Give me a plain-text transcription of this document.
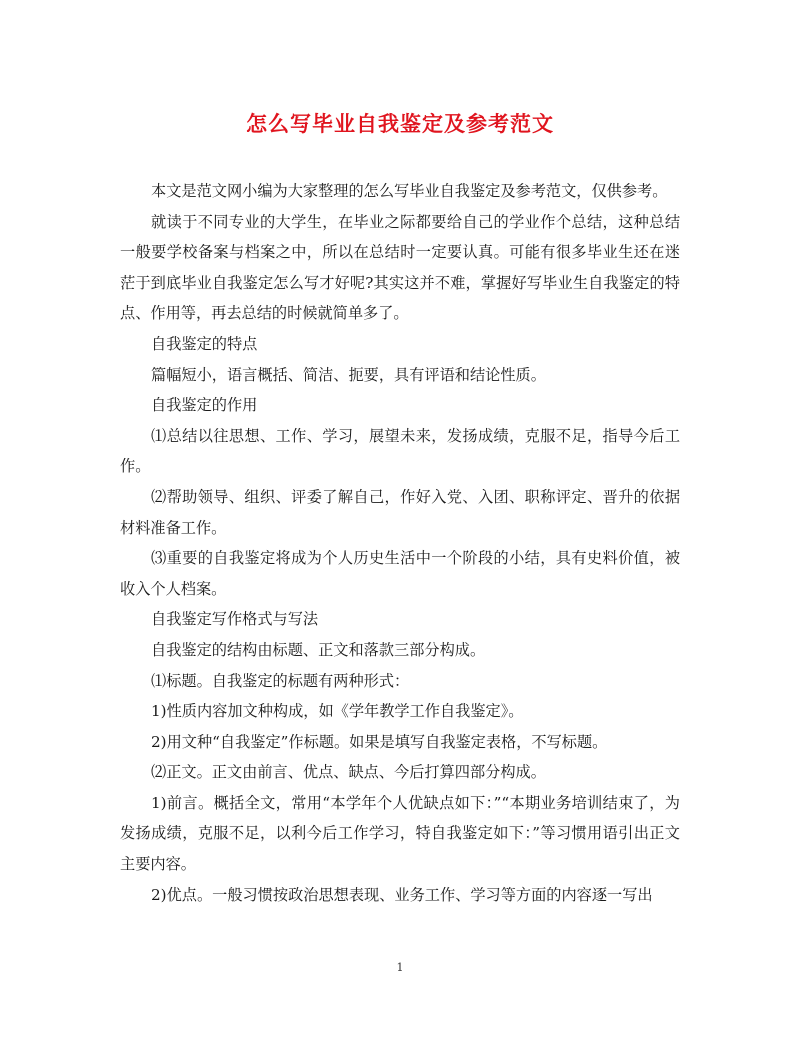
怎么写毕业自我鉴定及参考范文

本文是范文网小编为大家整理的怎么写毕业自我鉴定及参考范文，仅供参考。

就读于不同专业的大学生，在毕业之际都要给自己的学业作个总结，这种总结一般要学校备案与档案之中，所以在总结时一定要认真。可能有很多毕业生还在迷茫于到底毕业自我鉴定怎么写才好呢?其实这并不难，掌握好写毕业生自我鉴定的特点、作用等，再去总结的时候就简单多了。

自我鉴定的特点

篇幅短小，语言概括、简洁、扼要，具有评语和结论性质。

自我鉴定的作用

⑴总结以往思想、工作、学习，展望未来，发扬成绩，克服不足，指导今后工作。

⑵帮助领导、组织、评委了解自己，作好入党、入团、职称评定、晋升的依据材料准备工作。

⑶重要的自我鉴定将成为个人历史生活中一个阶段的小结，具有史料价值，被收入个人档案。

自我鉴定写作格式与写法

自我鉴定的结构由标题、正文和落款三部分构成。

⑴标题。自我鉴定的标题有两种形式：

1)性质内容加文种构成，如《学年教学工作自我鉴定》。

2)用文种“自我鉴定”作标题。如果是填写自我鉴定表格，不写标题。

⑵正文。正文由前言、优点、缺点、今后打算四部分构成。

1)前言。概括全文，常用“本学年个人优缺点如下：”“本期业务培训结束了，为发扬成绩，克服不足，以利今后工作学习，特自我鉴定如下：”等习惯用语引出正文主要内容。

2)优点。一般习惯按政治思想表现、业务工作、学习等方面的内容逐一写出

1
